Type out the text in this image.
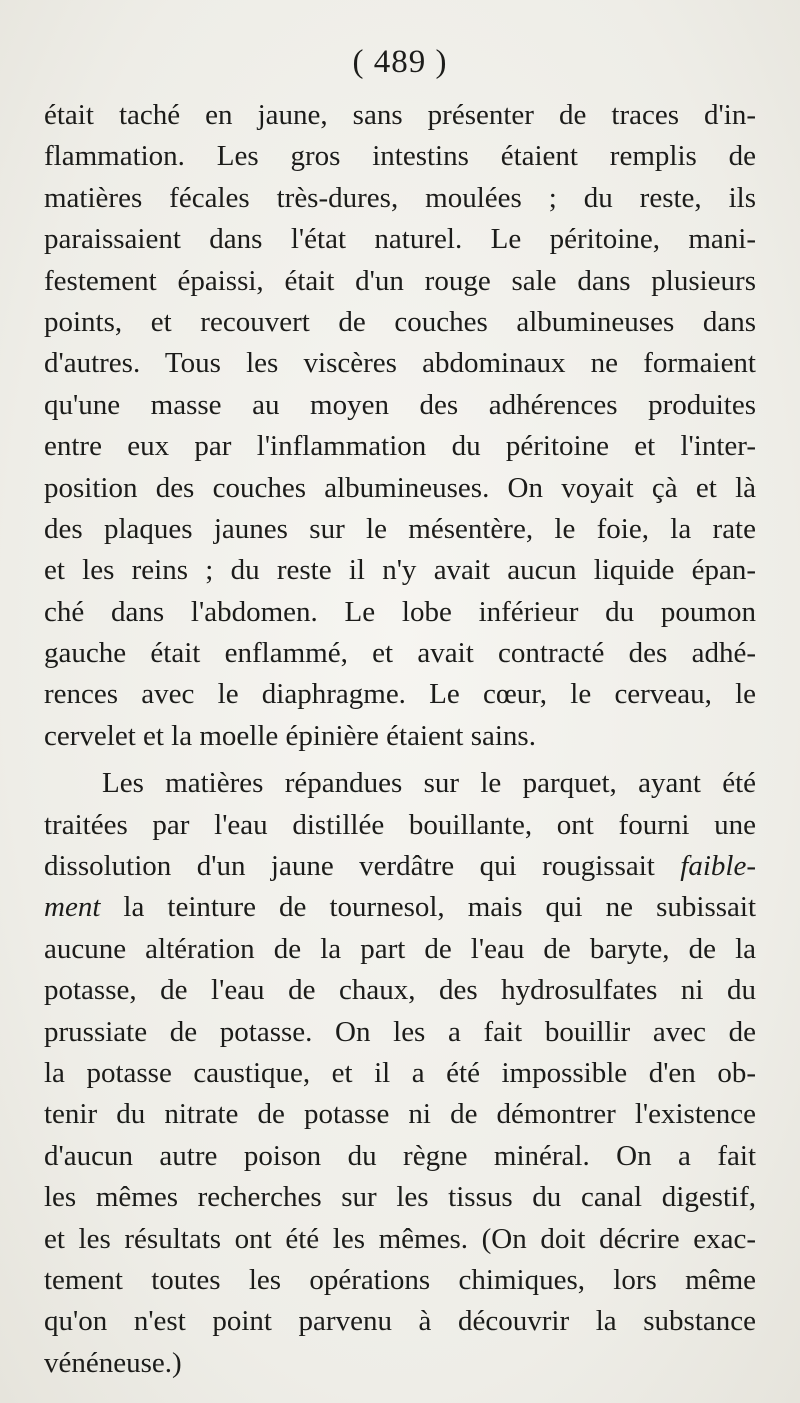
( 489 )
était taché en jaune, sans présenter de traces d'in-
flammation. Les gros intestins étaient remplis de
matières fécales très-dures, moulées ; du reste, ils
paraissaient dans l'état naturel. Le péritoine, mani-
festement épaissi, était d'un rouge sale dans plusieurs
points, et recouvert de couches albumineuses dans
d'autres. Tous les viscères abdominaux ne formaient
qu'une masse au moyen des adhérences produites
entre eux par l'inflammation du péritoine et l'inter-
position des couches albumineuses. On voyait çà et là
des plaques jaunes sur le mésentère, le foie, la rate
et les reins ; du reste il n'y avait aucun liquide épan-
ché dans l'abdomen. Le lobe inférieur du poumon
gauche était enflammé, et avait contracté des adhé-
rences avec le diaphragme. Le cœur, le cerveau, le
cervelet et la moelle épinière étaient sains.
Les matières répandues sur le parquet, ayant été
traitées par l'eau distillée bouillante, ont fourni une
dissolution d'un jaune verdâtre qui rougissait faible-
ment la teinture de tournesol, mais qui ne subissait
aucune altération de la part de l'eau de baryte, de la
potasse, de l'eau de chaux, des hydrosulfates ni du
prussiate de potasse. On les a fait bouillir avec de
la potasse caustique, et il a été impossible d'en ob-
tenir du nitrate de potasse ni de démontrer l'existence
d'aucun autre poison du règne minéral. On a fait
les mêmes recherches sur les tissus du canal digestif,
et les résultats ont été les mêmes. (On doit décrire exac-
tement toutes les opérations chimiques, lors même
qu'on n'est point parvenu à découvrir la substance
vénéneuse.)
